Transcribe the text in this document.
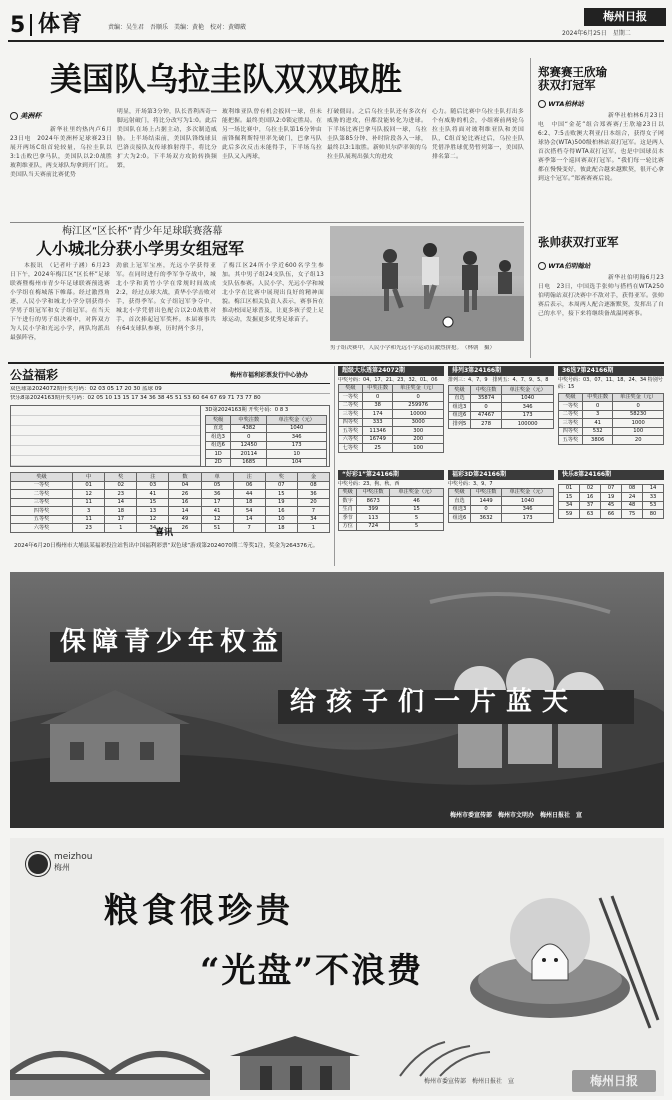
5 体育	责编：吴生君　吾顺乐　美编：黄艳　校对：黄卿葳
梅州日报
2024年6月25日　星期二
美国队乌拉圭队双双取胜
美洲杯
新华社里约热内卢6月23日电　2024年美洲杯足球赛23日展开两场C组首轮较量，乌拉圭队以3:1击败巴拿马队，美国队以2:0战胜玻利维亚队，两支球队均拿到开门红。美国队当天赛前比赛优势
明显，开场第3分钟，队长普利西奇一脚远射破门，将比分改写为1:0。此后美国队在场上占据主动，多次制造威胁。上半场结束前，美国队锋线球员巴洛贡接队友传球推射得手，将比分扩大为2:0。下半场双方攻防转换频繁，
玻利维亚队曾有机会扳回一球，但未能把握。最终美国队2:0锁定胜局。在另一场比赛中，乌拉圭队第16分钟由前锋佩利斯特里率先破门，巴拿马队此后多次反击未能得手，下半场乌拉圭队又入两球，
打破僵局。之后乌拉圭队还有多次有威胁的进攻，但都没能转化为进球。下半场比赛巴拿马队扳回一球，乌拉圭队第85分钟、补时阶段各入一球，最终以3:1取胜。新帅贝尔萨率领的乌拉圭队展现出强大的进攻
心力。随后比赛中乌拉圭队打出多个有威胁的机会，小组赛前两轮乌拉圭队将面对玻利维亚队和美国队，C组首轮比赛过后，乌拉圭队凭借净胜球优势暂列第一，美国队排名第二。
郑赛赛王欣瑜
获双打冠军
WTA柏林站
新华社柏林6月23日电　中国“金花”组合郑赛赛/王欣瑜23日以6:2、7:5击败澳大利亚/日本组合，获得女子网球协会(WTA)500级柏林站双打冠军。这是两人首次搭档夺得WTA双打冠军，也是中国球员本赛季第一个巡回赛双打冠军。“我们每一轮比赛都在慢慢变好，彼此配合越来越默契，很开心拿到这个冠军。”郑赛赛赛后说。
张帅获双打亚军
WTA伯明翰站
新华社伯明翰6月23日电　23日，中国选手张帅与搭档在WTA250伯明翰站双打决赛中不敌对手，获得亚军。张帅赛后表示，本周两人配合逐渐默契，发挥出了自己的水平，接下来将继续备战温网赛事。
梅江区“区长杯”青少年足球联赛落幕
人小城北分获小学男女组冠军
本报讯　（记者叶子涵）6月23日下午，2024年梅江区“区长杯”足球联赛暨梅州市青少年足球联赛预选赛小学组在梅城落下帷幕。经过激烈角逐，人民小学和城北小学分别获得小学男子组冠军和女子组冠军。在当天下午进行的男子组决赛中，对阵双方为人民小学和光远小学，两队均派出最强阵容，
劲旅上冠军宝座，光远小学获得亚军。在同时进行的季军争夺战中，城北小学和黄竹小学在常规时间战成2:2，经过点球大战，黄华小学击败对手，获得季军。女子组冠军争夺中，城北小学凭借出色配合以2:0战胜对手，首次捧起冠军奖杯。本届赛事共有64支球队参赛，历时两个多月，
了梅江区24所小学近600名学生参加。其中男子组24支队伍，女子组13支队伍参赛。人民小学、光远小学和城北小学在比赛中展现出良好的精神面貌。梅江区相关负责人表示，赛事旨在推动校园足球普及，让更多孩子爱上足球运动，发掘更多优秀足球苗子。
男子组决赛中，人民小学和光远小学运动员激烈拼抢。　（林朝　摄）
公益福彩	梅州市福利彩票发行中心协办
双色球第2024072期开奖号码：02 03 05 17 20 30 蓝球 09
快乐8第2024163期开奖号码：02 05 10 13 15 17 34 36 38 45 51 53 60 64 67 69 71 73 77 80
3D第2024163期 开奖号码：0 8 3
奖级	中奖注数	单注奖金（元）
直选	4382	1040
组选3	0	346
组选6	12450	173
1D	20114	10
2D	1685	104
奖级	中	奖	注	数	单	注	奖	金
一等奖	01	02	03	04	05	06	07	08
二等奖	12	23	41	26	36	44	15	36
三等奖	11	14	15	16	17	18	19	20
四等奖	3	18	13	14	41	54	16	7
五等奖	11	17	12	49	12	14	10	34
六等奖	23	1	34	26	51	7	18	1
喜讯
2024年6月20日梅州市大埔县某福彩投注站售出中国福利彩票“双色球”游戏第2024070期二等奖1注，奖金为264376元。
超级大乐透第24072期
中奖号码：04、17、21、23、32、01、06
奖级	中奖注数	单注奖金（元）
一等奖	0	0
二等奖	38	259976
三等奖	174	10000
四等奖	333	3000
五等奖	11346	300
六等奖	16749	200
七等奖	25	100
排列3第24166期
排列三：4、7、9　排列五：4、7、9、5、8
奖级	中奖注数	单注奖金（元）
直选	35874	1040
组选3	0	346
组选6	47467	173
排列5	278	100000
36选7第24166期
中奖号码：03、07、11、18、24、34 特别号码：15
奖级	中奖注数	单注奖金（元）
一等奖	0	0
二等奖	3	58230
三等奖	41	1000
四等奖	532	100
五等奖	3806	20
“好彩1”第24166期
中奖号码：23、狗、秋、西
奖级	中奖注数	单注奖金（元）
数字	8673	46
生肖	399	15
季节	113	5
方位	724	5
福彩3D第24166期
中奖号码：3、9、7
奖级	中奖注数	单注奖金（元）
直选	1449	1040
组选3	0	346
组选6	3632	173
快乐8第24166期
01	02	07	08	14
15	16	19	24	33
34	37	45	48	53
59	63	66	75	80
保障青少年权益
给孩子们一片蓝天
梅州市委宣传部　梅州市文明办　梅州日报社　宣
meizhou
梅州
粮食很珍贵
“光盘”不浪费
梅州市委宣传部　梅州日报社　宣	梅州日报
